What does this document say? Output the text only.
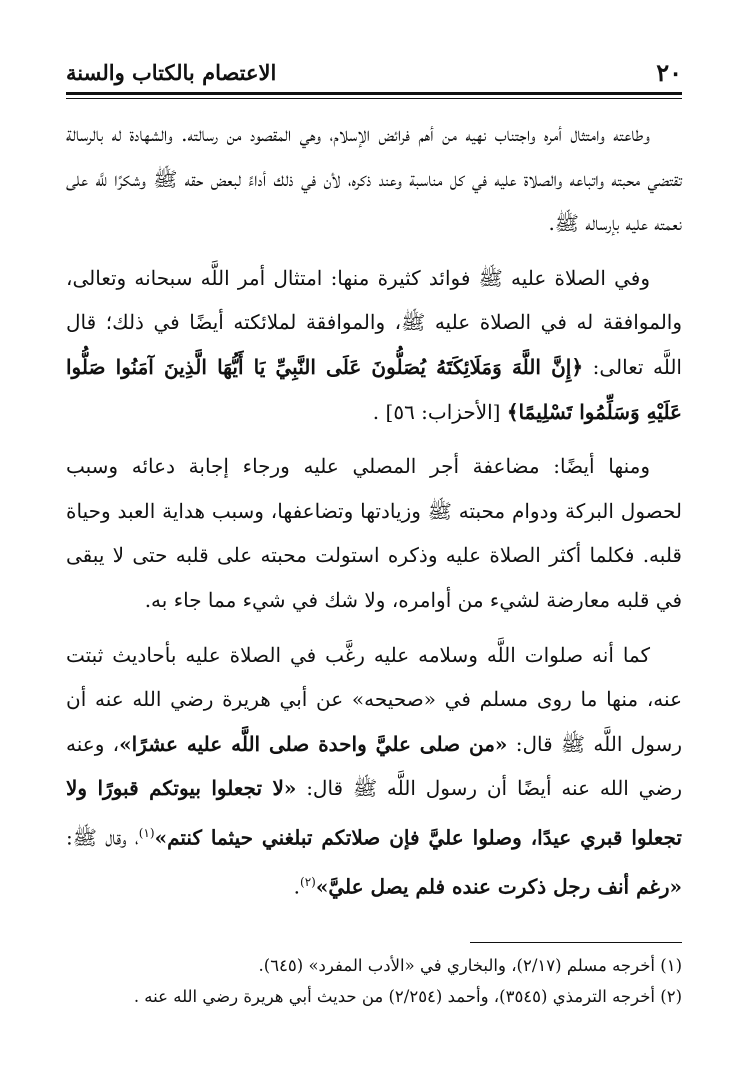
٢٠
الاعتصام بالكتاب والسنة

وطاعته وامتثال أمره واجتناب نهيه من أهم فرائض الإسلام، وهي المقصود من رسالته. والشهادة له بالرسالة تقتضي محبته واتباعه والصلاة عليه في كل مناسبة وعند ذكره، لأن في ذلك أداءً لبعض حقه ﷺ وشكرًا للَّه على نعمته عليه بإرساله ﷺ.

وفي الصلاة عليه ﷺ فوائد كثيرة منها: امتثال أمر اللَّه سبحانه وتعالى، والموافقة له في الصلاة عليه ﷺ، والموافقة لملائكته أيضًا في ذلك؛ قال اللَّه تعالى: ﴿إِنَّ اللَّهَ وَمَلَائِكَتَهُ يُصَلُّونَ عَلَى النَّبِيِّ يَا أَيُّهَا الَّذِينَ آمَنُوا صَلُّوا عَلَيْهِ وَسَلِّمُوا تَسْلِيمًا﴾ [الأحزاب: ٥٦] .

ومنها أيضًا: مضاعفة أجر المصلي عليه ورجاء إجابة دعائه وسبب لحصول البركة ودوام محبته ﷺ وزيادتها وتضاعفها، وسبب هداية العبد وحياة قلبه. فكلما أكثر الصلاة عليه وذكره استولت محبته على قلبه حتى لا يبقى في قلبه معارضة لشيء من أوامره، ولا شك في شيء مما جاء به.

كما أنه صلوات اللَّه وسلامه عليه رغَّب في الصلاة عليه بأحاديث ثبتت عنه، منها ما روى مسلم في «صحيحه» عن أبي هريرة رضي الله عنه أن رسول اللَّه ﷺ قال: «من صلى عليَّ واحدة صلى اللَّه عليه عشرًا»، وعنه رضي الله عنه أيضًا أن رسول اللَّه ﷺ قال: «لا تجعلوا بيوتكم قبورًا ولا تجعلوا قبري عيدًا، وصلوا عليَّ فإن صلاتكم تبلغني حيثما كنتم»$^{(١)}$، وقال ﷺ: «رغم أنف رجل ذكرت عنده فلم يصل عليَّ»$^{(٢)}$.

(١) أخرجه مسلم (٢/١٧)، والبخاري في «الأدب المفرد» (٦٤٥).

(٢) أخرجه الترمذي (٣٥٤٥)، وأحمد (٢/٢٥٤) من حديث أبي هريرة رضي الله عنه .
